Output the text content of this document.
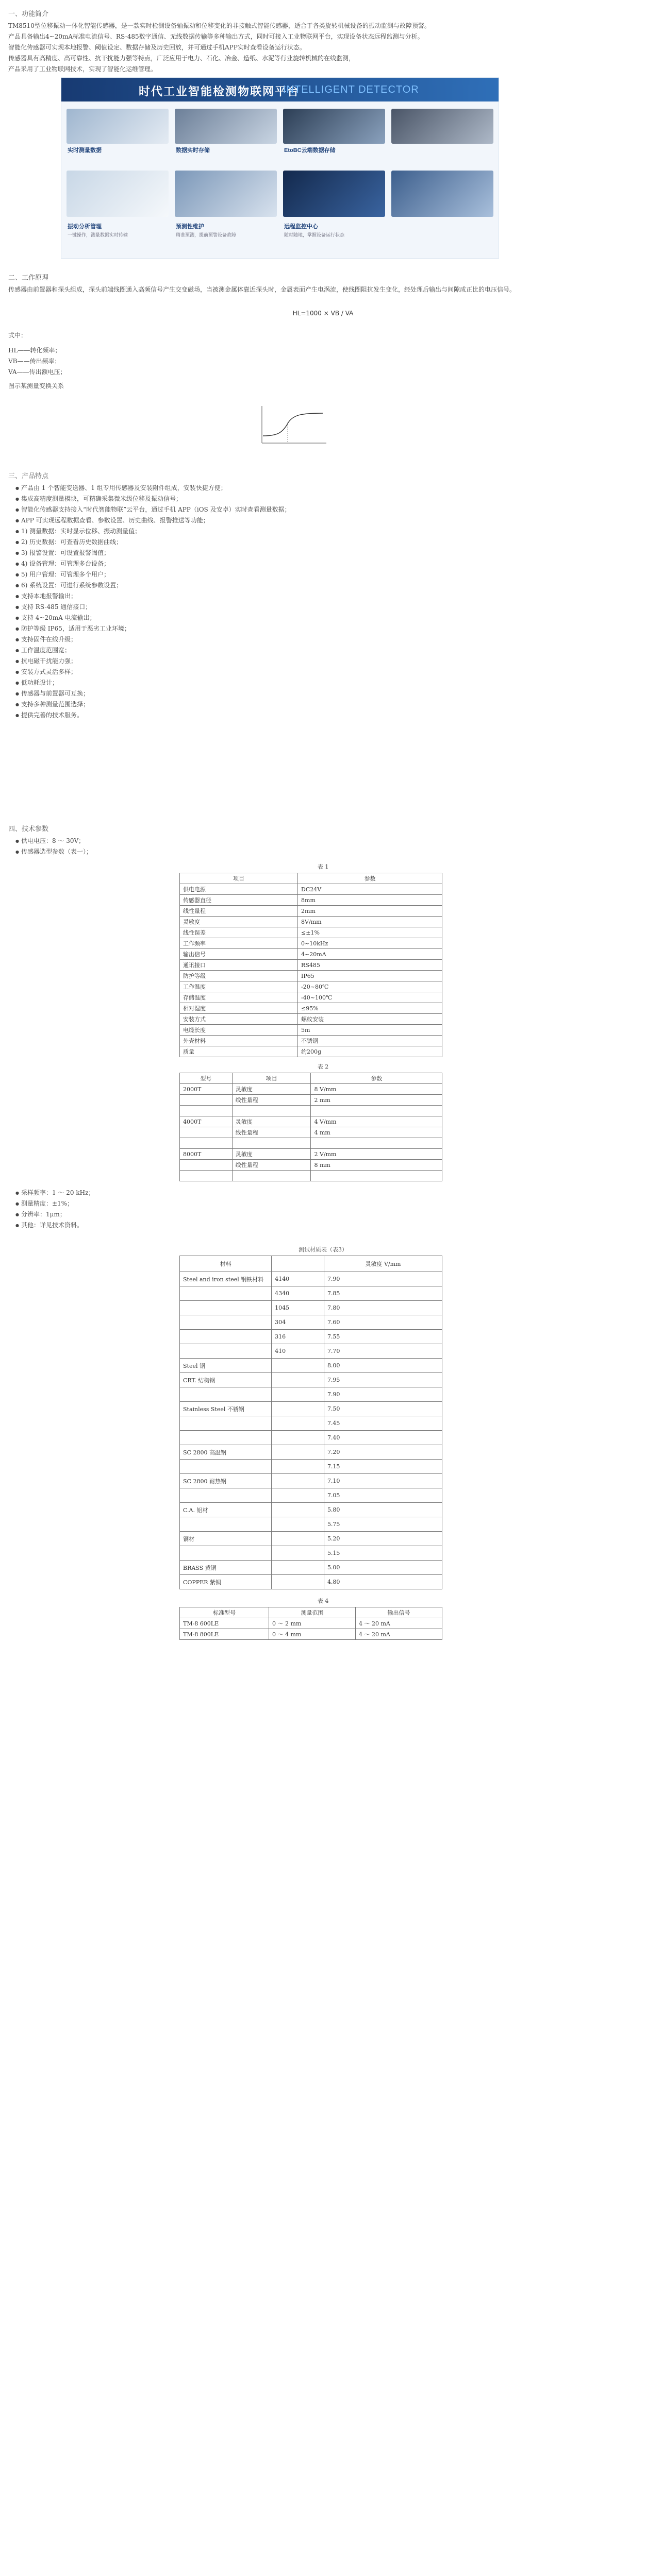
一、功能简介

TM8510型位移振动一体化智能传感器，是一款实时检测设备轴振动和位移变化的非接触式智能传感器，适合于各类旋转机械设备的振动监测与故障预警。

产品具备输出4~20mA标准电流信号、RS-485数字通信、无线数据传输等多种输出方式，同时可接入工业物联网平台，实现设备状态远程监测与分析。

智能化传感器可实现本地报警、阈值设定、数据存储及历史回放，并可通过手机APP实时查看设备运行状态。

传感器具有高精度、高可靠性、抗干扰能力强等特点，广泛应用于电力、石化、冶金、造纸、水泥等行业旋转机械的在线监测，

产品采用了工业物联网技术，实现了智能化运维管理。

时代工业智能检测物联网平台
INTELLIGENT DETECTOR
实时测量数据	数据实时存储	EtoBC云端数据存储
振动分析管理	预测性维护	远程监控中心
一键操作，测量数据实时传输	精准预测，提前预警设备故障	随时随地，掌握设备运行状态

二、工作原理

传感器由前置器和探头组成，探头前端线圈通入高频信号产生交变磁场，当被测金属体靠近探头时，金属表面产生电涡流，使线圈阻抗发生变化，经处理后输出与间隙成正比的电压信号。

HL=1000 × VB / VA

式中：

HL——转化频率；

VB——传出频率；

VA——传出额电压；

图示某测量变换关系

三、产品特点

● 产品由 1 个智能变送器、1 组专用传感器及安装附件组成，安装快捷方便；

● 集成高精度测量模块，可精确采集微米级位移及振动信号；

● 智能化传感器支持接入“时代智能物联”云平台，通过手机 APP（iOS 及安卓）实时查看测量数据；

● APP 可实现远程数据查看、参数设置、历史曲线、报警推送等功能；

● 1) 测量数据：实时显示位移、振动测量值；

● 2) 历史数据：可查看历史数据曲线；

● 3) 报警设置：可设置报警阈值；

● 4) 设备管理：可管理多台设备；

● 5) 用户管理：可管理多个用户；

● 6) 系统设置：可进行系统参数设置；

● 支持本地报警输出；

● 支持 RS-485 通信接口；

● 支持 4~20mA 电流输出；

● 防护等级 IP65，适用于恶劣工业环境；

● 支持固件在线升级；

● 工作温度范围宽；

● 抗电磁干扰能力强；

● 安装方式灵活多样；

● 低功耗设计；

● 传感器与前置器可互换；

● 支持多种测量范围选择；

● 提供完善的技术服务。

四、技术参数

● 供电电压：8 ～ 30V；

● 传感器选型参数（表一）；

表 1
项目	参数
供电电源	DC24V
传感器直径	8mm
线性量程	2mm
灵敏度	8V/mm
线性误差	≤±1%
工作频率	0~10kHz
输出信号	4~20mA
通讯接口	RS485
防护等级	IP65
工作温度	-20~80℃
存储温度	-40~100℃
相对湿度	≤95%
安装方式	螺纹安装
电缆长度	5m
外壳材料	不锈钢
质量	约200g
表 2
型号	项目	参数
2000T	灵敏度	8 V/mm
	线性量程	2 mm

4000T	灵敏度	4 V/mm
	线性量程	4 mm

8000T	灵敏度	2 V/mm
	线性量程	8 mm

● 采样频率：1 ～ 20 kHz；

● 测量精度：±1%；

● 分辨率：1μm；

● 其他：详见技术资料。

测试材质表（表3）
材料		灵敏度 V/mm
Steel and iron steel 钢铁材料	4140	7.90
	4340	7.85
	1045	7.80
	304	7.60
	316	7.55
	410	7.70
Steel 钢		8.00
CRT. 结构钢		7.95
		7.90
Stainless Steel 不锈钢		7.50
		7.45
		7.40
SC 2800 高温钢		7.20
		7.15
SC 2800 耐热钢		7.10
		7.05
C.A. 铝材		5.80
		5.75
铜材		5.20
		5.15
BRASS 黄铜		5.00
COPPER 紫铜		4.80
表 4
标准型号	测量范围	输出信号
TM-8 600LE	0 ～ 2 mm	4 ～ 20 mA
TM-8 800LE	0 ～ 4 mm	4 ～ 20 mA
